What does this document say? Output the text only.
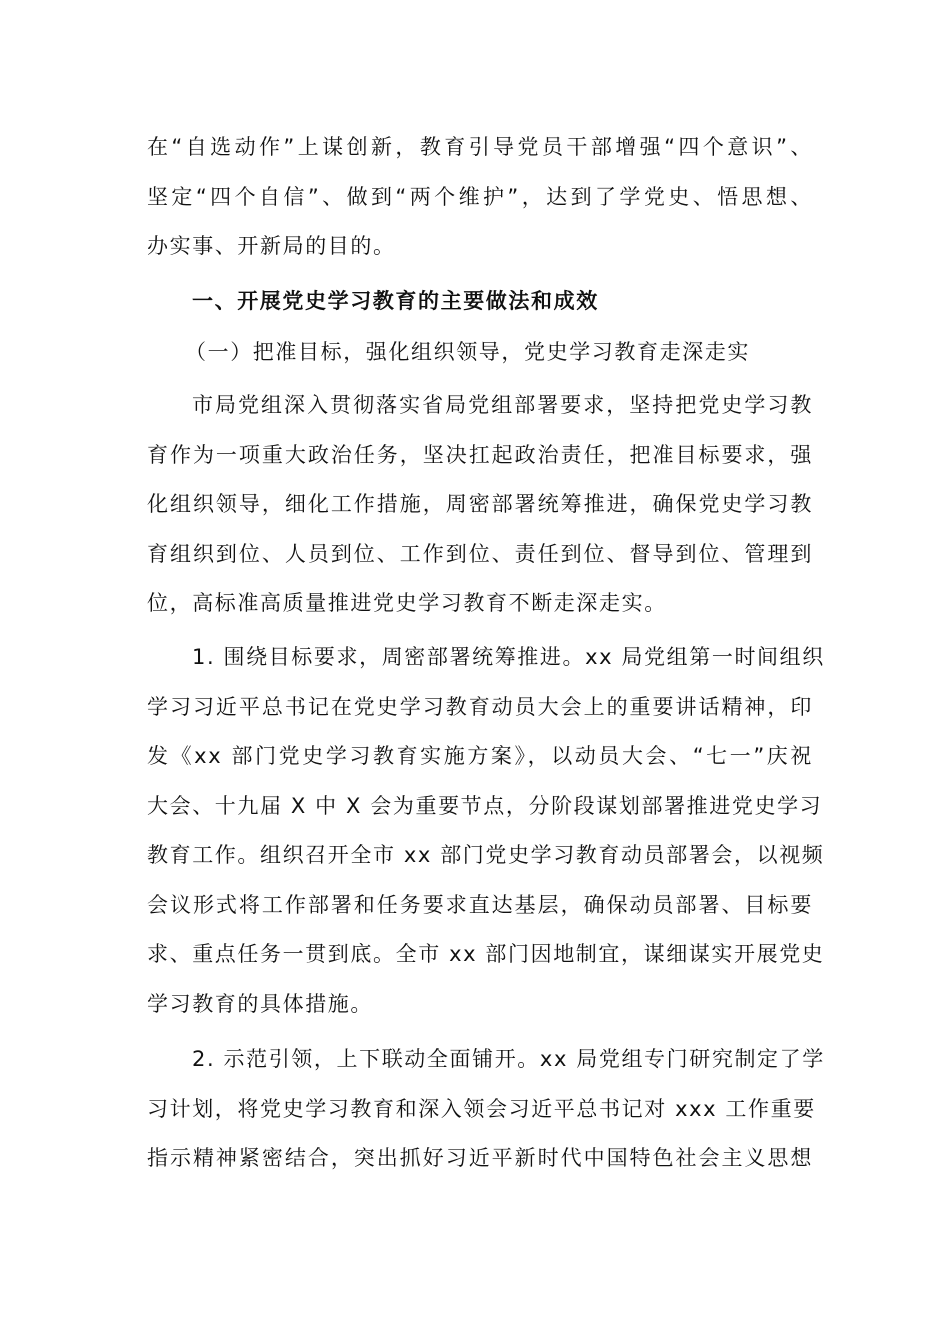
在“自选动作”上谋创新，教育引导党员干部增强“四个意识”、
坚定“四个自信”、做到“两个维护”，达到了学党史、悟思想、
办实事、开新局的目的。
一、开展党史学习教育的主要做法和成效
（一）把准目标，强化组织领导，党史学习教育走深走实
市局党组深入贯彻落实省局党组部署要求，坚持把党史学习教
育作为一项重大政治任务，坚决扛起政治责任，把准目标要求，强
化组织领导，细化工作措施，周密部署统筹推进，确保党史学习教
育组织到位、人员到位、工作到位、责任到位、督导到位、管理到
位，高标准高质量推进党史学习教育不断走深走实。
1. 围绕目标要求，周密部署统筹推进。xx 局党组第一时间组织
学习习近平总书记在党史学习教育动员大会上的重要讲话精神，印
发《xx 部门党史学习教育实施方案》，以动员大会、“七一”庆祝
大会、十九届 X 中 X 会为重要节点，分阶段谋划部署推进党史学习
教育工作。组织召开全市 xx 部门党史学习教育动员部署会，以视频
会议形式将工作部署和任务要求直达基层，确保动员部署、目标要
求、重点任务一贯到底。全市 xx 部门因地制宜，谋细谋实开展党史
学习教育的具体措施。
2. 示范引领，上下联动全面铺开。xx 局党组专门研究制定了学
习计划，将党史学习教育和深入领会习近平总书记对 xxx 工作重要
指示精神紧密结合，突出抓好习近平新时代中国特色社会主义思想
